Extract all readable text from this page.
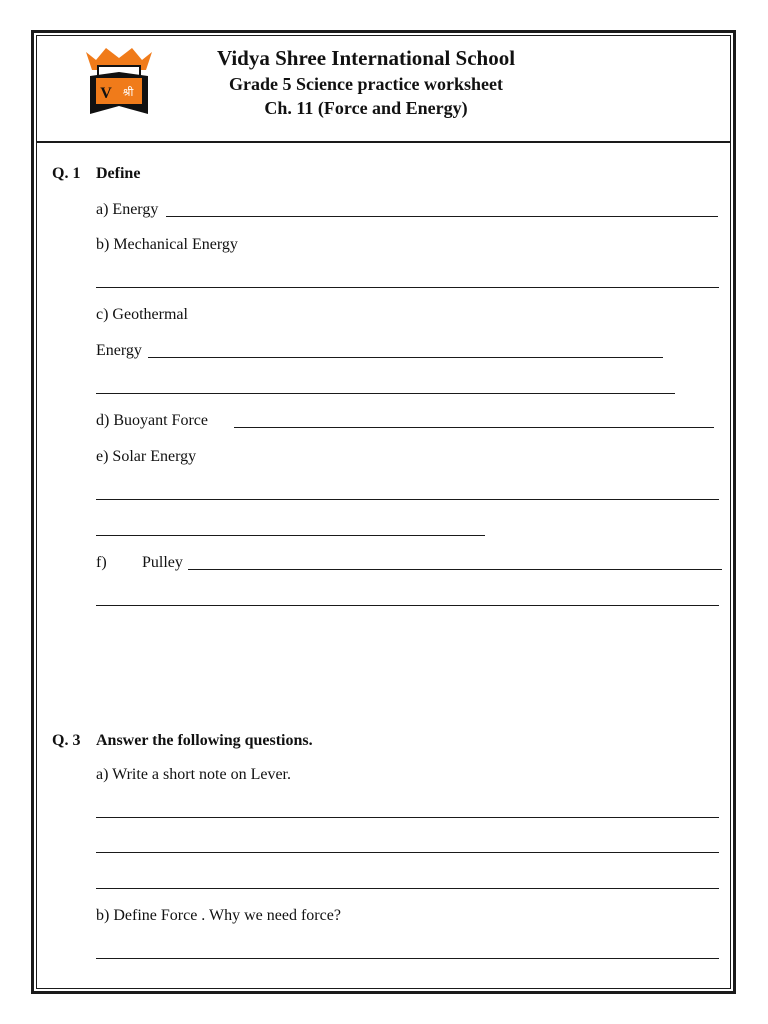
V श्री
Vidya Shree International School
Grade 5 Science practice worksheet
Ch. 11 (Force and Energy)
Q. 1 Define
a) Energy
b) Mechanical Energy
c) Geothermal
Energy
d) Buoyant Force
e) Solar Energy
f) Pulley
Q. 3 Answer the following questions.
a) Write a short note on Lever.
b) Define Force . Why we need force?
